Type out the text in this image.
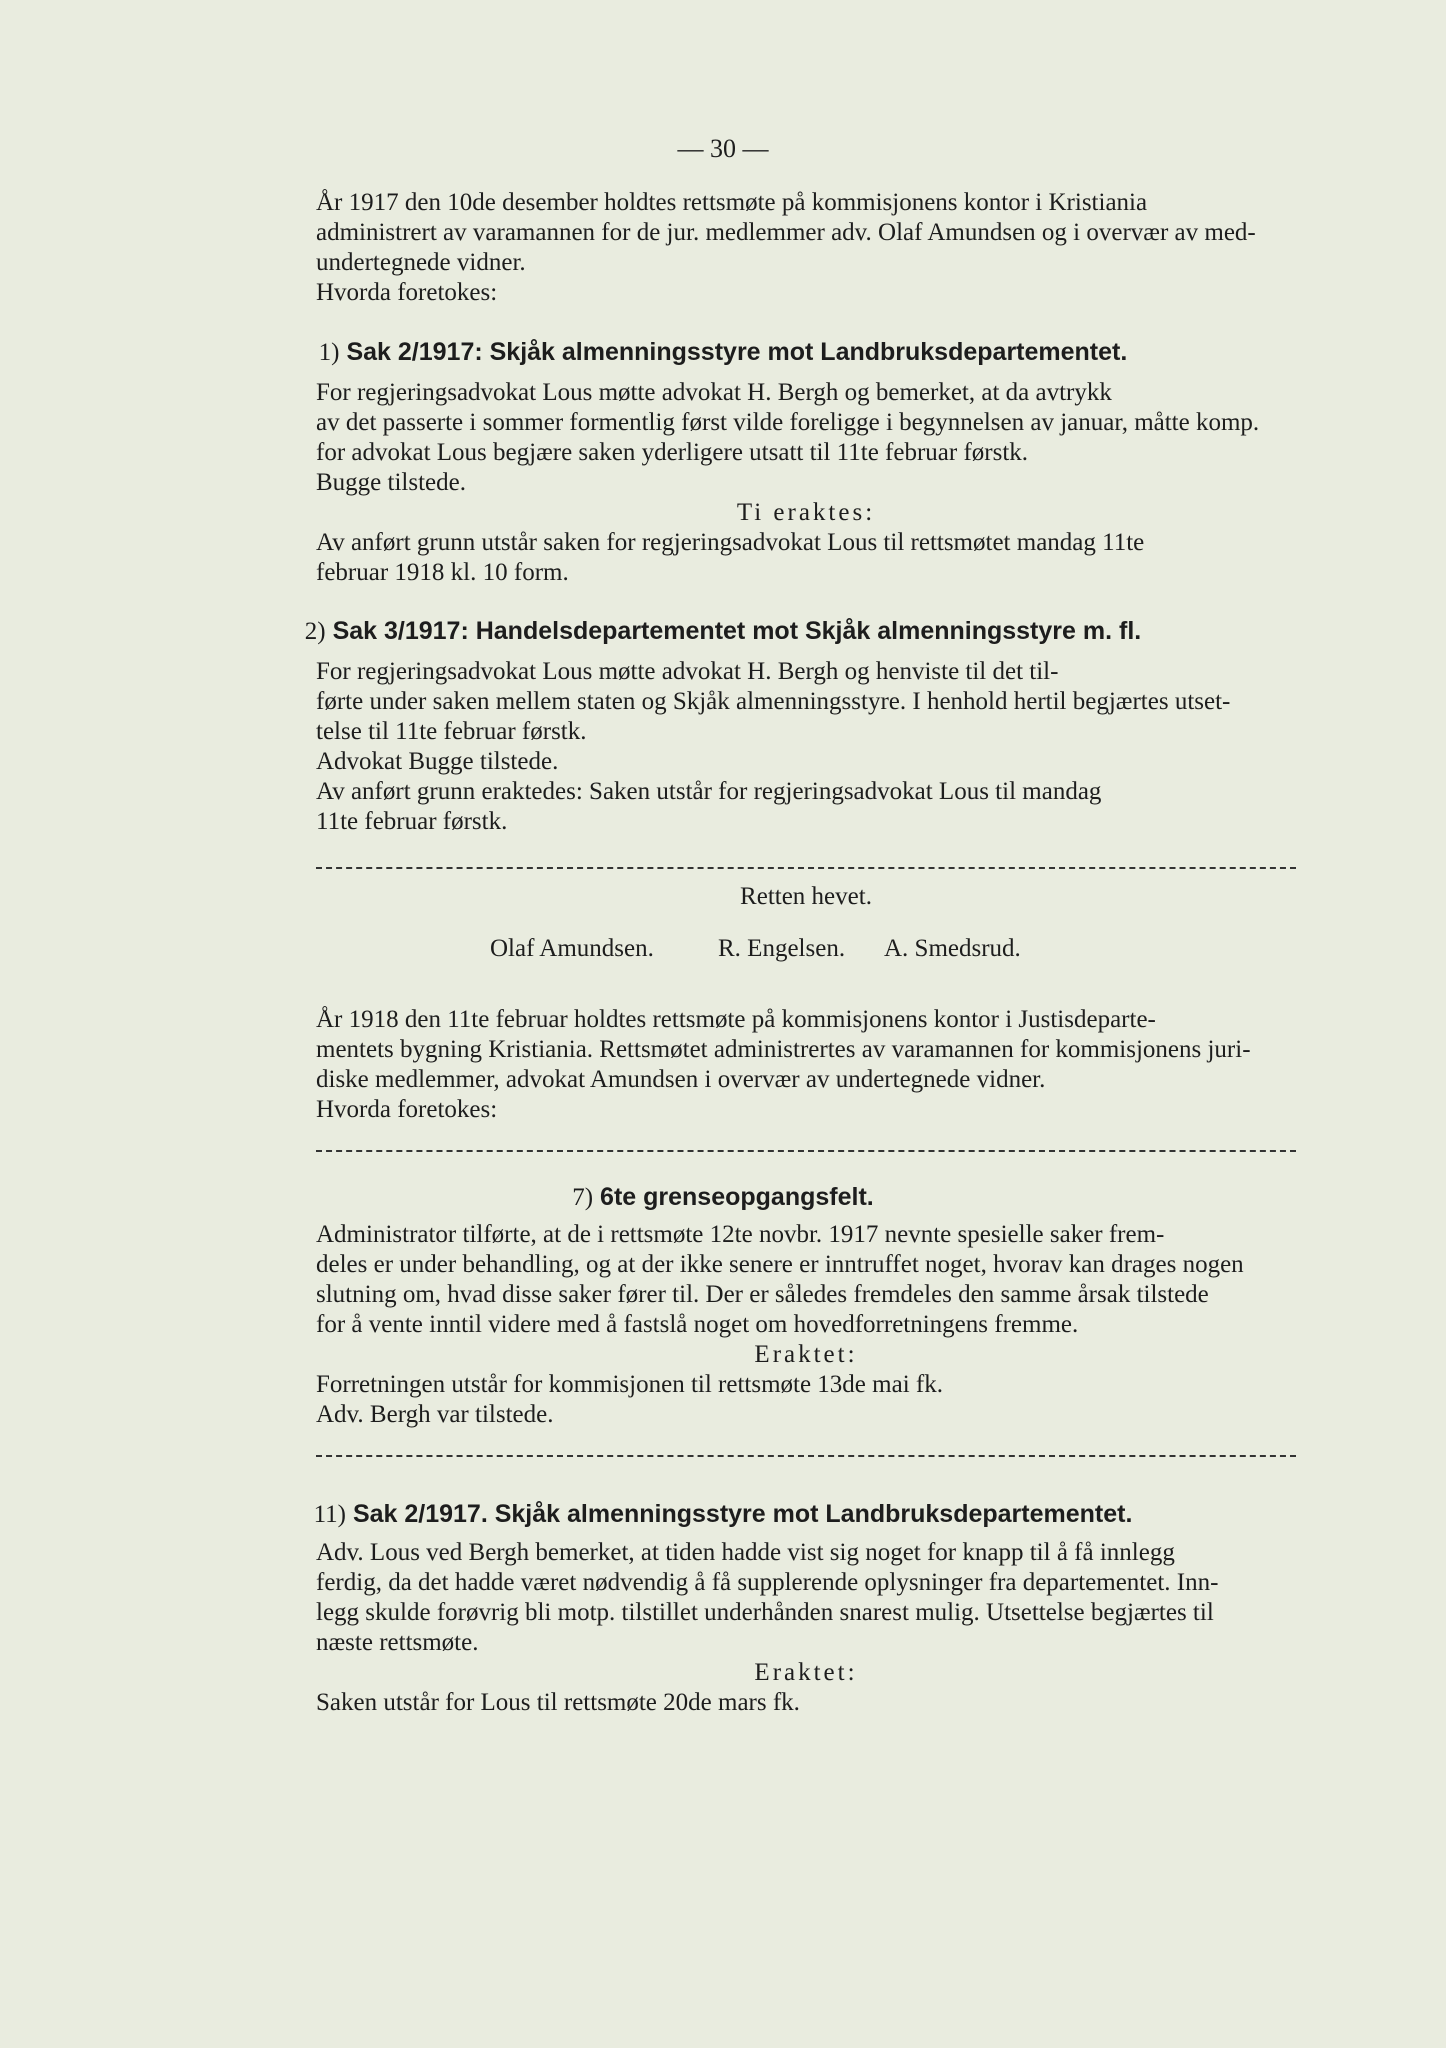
— 30 —

År 1917 den 10de desember holdtes rettsmøte på kommisjonens kontor i Kristiania

administrert av varamannen for de jur. medlemmer adv. Olaf Amundsen og i overvær av med-

undertegnede vidner.

Hvorda foretokes:

1) Sak 2/1917: Skjåk almenningsstyre mot Landbruksdepartementet.

For regjeringsadvokat Lous møtte advokat H. Bergh og bemerket, at da avtrykk

av det passerte i sommer formentlig først vilde foreligge i begynnelsen av januar, måtte komp.

for advokat Lous begjære saken yderligere utsatt til 11te februar førstk.

Bugge tilstede.

Ti eraktes:

Av anført grunn utstår saken for regjeringsadvokat Lous til rettsmøtet mandag 11te

februar 1918 kl. 10 form.

2) Sak 3/1917: Handelsdepartementet mot Skjåk almenningsstyre m. fl.

For regjeringsadvokat Lous møtte advokat H. Bergh og henviste til det til-

førte under saken mellem staten og Skjåk almenningsstyre. I henhold hertil begjærtes utset-

telse til 11te februar førstk.

Advokat Bugge tilstede.

Av anført grunn eraktedes: Saken utstår for regjeringsadvokat Lous til mandag

11te februar førstk.

Retten hevet.
Olaf Amundsen.	R. Engelsen. A. Smedsrud.

År 1918 den 11te februar holdtes rettsmøte på kommisjonens kontor i Justisdeparte-

mentets bygning Kristiania. Rettsmøtet administrertes av varamannen for kommisjonens juri-

diske medlemmer, advokat Amundsen i overvær av undertegnede vidner.

Hvorda foretokes:

7) 6te grenseopgangsfelt.

Administrator tilførte, at de i rettsmøte 12te novbr. 1917 nevnte spesielle saker frem-

deles er under behandling, og at der ikke senere er inntruffet noget, hvorav kan drages nogen

slutning om, hvad disse saker fører til. Der er således fremdeles den samme årsak tilstede

for å vente inntil videre med å fastslå noget om hovedforretningens fremme.

Eraktet:

Forretningen utstår for kommisjonen til rettsmøte 13de mai fk.

Adv. Bergh var tilstede.

11) Sak 2/1917. Skjåk almenningsstyre mot Landbruksdepartementet.

Adv. Lous ved Bergh bemerket, at tiden hadde vist sig noget for knapp til å få innlegg

ferdig, da det hadde været nødvendig å få supplerende oplysninger fra departementet. Inn-

legg skulde forøvrig bli motp. tilstillet underhånden snarest mulig. Utsettelse begjærtes til

næste rettsmøte.

Eraktet:

Saken utstår for Lous til rettsmøte 20de mars fk.
